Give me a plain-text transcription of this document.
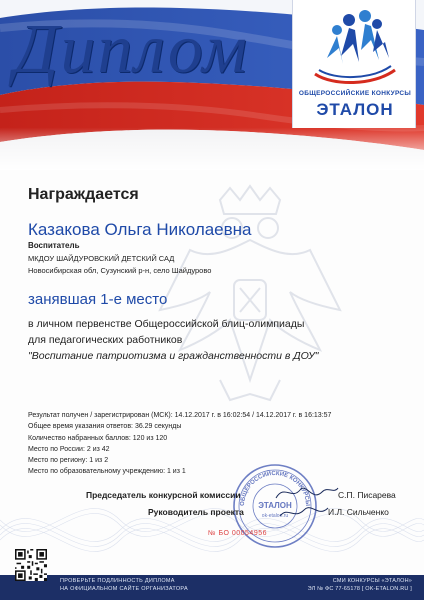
Диплом
ОБЩЕРОССИЙСКИЕ КОНКУРСЫ
ЭТАЛОН
Награждается
Казакова Ольга Николаевна
Воспитатель
МКДОУ ШАЙДУРОВСКИЙ ДЕТСКИЙ САД
Новосибирская обл, Сузунский р-н, село Шайдурово
занявшая 1-е место
в личном первенстве Общероссийской блиц-олимпиады
для педагогических работников
"Воспитание патриотизма и гражданственности в ДОУ"
Результат получен / зарегистрирован (МСК): 14.12.2017 г. в 16:02:54 / 14.12.2017 г. в 16:13:57
Общее время указания ответов: 36.29 секунды
Количество набранных баллов: 120 из 120
Место по России: 2 из 42
Место по региону: 1 из 2
Место по образовательному учреждению: 1 из 1
ОБЩЕРОССИЙСКИЕ КОНКУРСЫ
ЭТАЛОН
ok-etalon.ru
Председатель конкурсной комиссии	С.П. Писарева
Руководитель проекта	И.Л. Сильченко
№ БО 00054956
ПРОВЕРЬТЕ ПОДЛИННОСТЬ ДИПЛОМА
НА ОФИЦИАЛЬНОМ САЙТЕ ОРГАНИЗАТОРА
СМИ КОНКУРСЫ «ЭТАЛОН»
ЭЛ № ФС 77-65178 [ OK-ETALON.RU ]
